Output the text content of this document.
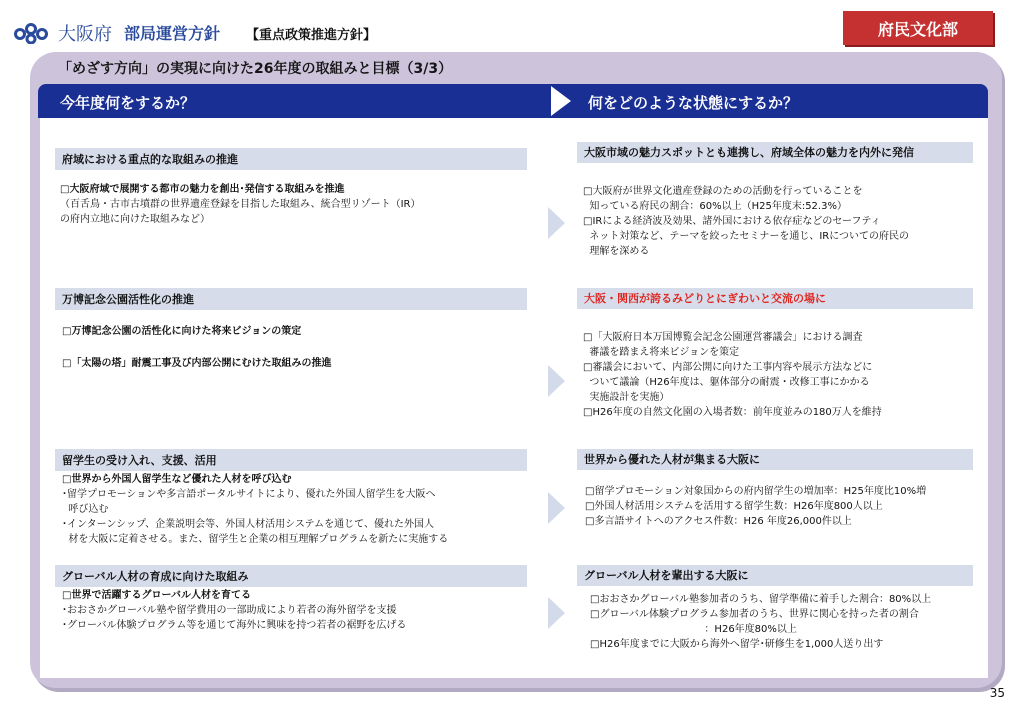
大阪府 部局運営方針 【重点政策推進方針】	府民文化部
「めざす方向」の実現に向けた26年度の取組みと目標（3/3）
今年度何をするか？	何をどのような状態にするか？
府域における重点的な取組みの推進
□大阪府域で展開する都市の魅力を創出･発信する取組みを推進
（百舌鳥・古市古墳群の世界遺産登録を目指した取組み、統合型リゾート（IR）
の府内立地に向けた取組みなど）
大阪市域の魅力スポットとも連携し、府域全体の魅力を内外に発信
□大阪府が世界文化遺産登録のための活動を行っていることを
知っている府民の割合：60%以上（H25年度末:52.3%）
□IRによる経済波及効果、諸外国における依存症などのセーフティ
ネット対策など、テーマを絞ったセミナーを通じ、IRについての府民の
理解を深める
万博記念公園活性化の推進
□万博記念公園の活性化に向けた将来ビジョンの策定
□「太陽の塔」耐震工事及び内部公開にむけた取組みの推進
大阪・関西が誇るみどりとにぎわいと交流の場に
□「大阪府日本万国博覧会記念公園運営審議会」における調査
審議を踏まえ将来ビジョンを策定
□審議会において、内部公開に向けた工事内容や展示方法などに
ついて議論（H26年度は、躯体部分の耐震・改修工事にかかる
実施設計を実施）
□H26年度の自然文化園の入場者数：前年度並みの180万人を維持
留学生の受け入れ、支援、活用
□世界から外国人留学生など優れた人材を呼び込む
･留学プロモーションや多言語ポータルサイトにより、優れた外国人留学生を大阪へ
呼び込む
･インターンシップ、企業説明会等、外国人材活用システムを通じて、優れた外国人
材を大阪に定着させる。また、留学生と企業の相互理解プログラムを新たに実施する
世界から優れた人材が集まる大阪に
□留学プロモーション対象国からの府内留学生の増加率：H25年度比10%増
□外国人材活用システムを活用する留学生数：H26年度800人以上
□多言語サイトへのアクセス件数：H26 年度26,000件以上
グローバル人材の育成に向けた取組み
□世界で活躍するグローバル人材を育てる
･おおさかグローバル塾や留学費用の一部助成により若者の海外留学を支援
･グローバル体験プログラム等を通じて海外に興味を持つ若者の裾野を広げる
グローバル人材を輩出する大阪に
□おおさかグローバル塾参加者のうち、留学準備に着手した割合：80%以上
□グローバル体験プログラム参加者のうち、世界に関心を持った者の割合
：H26年度80%以上
□H26年度までに大阪から海外へ留学･研修生を1,000人送り出す
35
